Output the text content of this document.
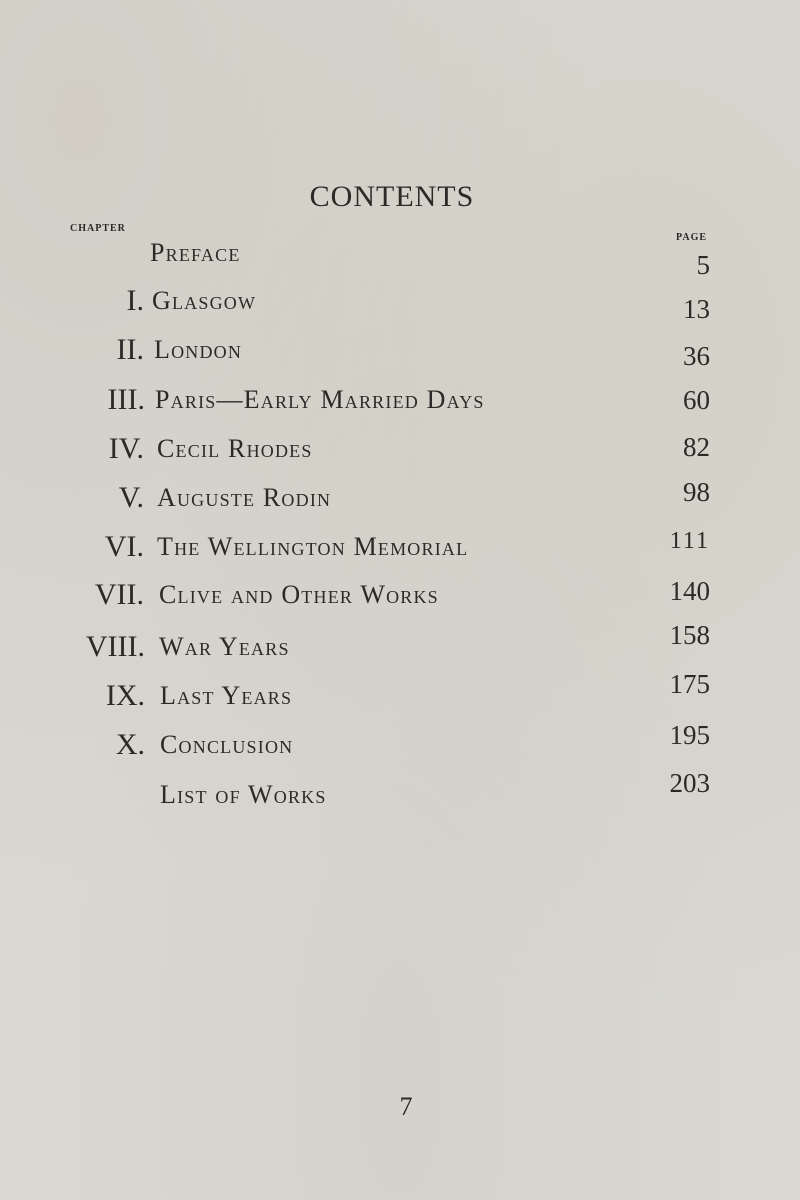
CONTENTS
CHAPTER
PAGE
Preface	5
I. Glasgow	13
II. London	36
III. Paris—Early Married Days	60
IV. Cecil Rhodes	82
V. Auguste Rodin	98
VI. The Wellington Memorial	111
VII. Clive and Other Works	140
VIII. War Years	158
IX. Last Years	175
X. Conclusion	195
List of Works	203
7
